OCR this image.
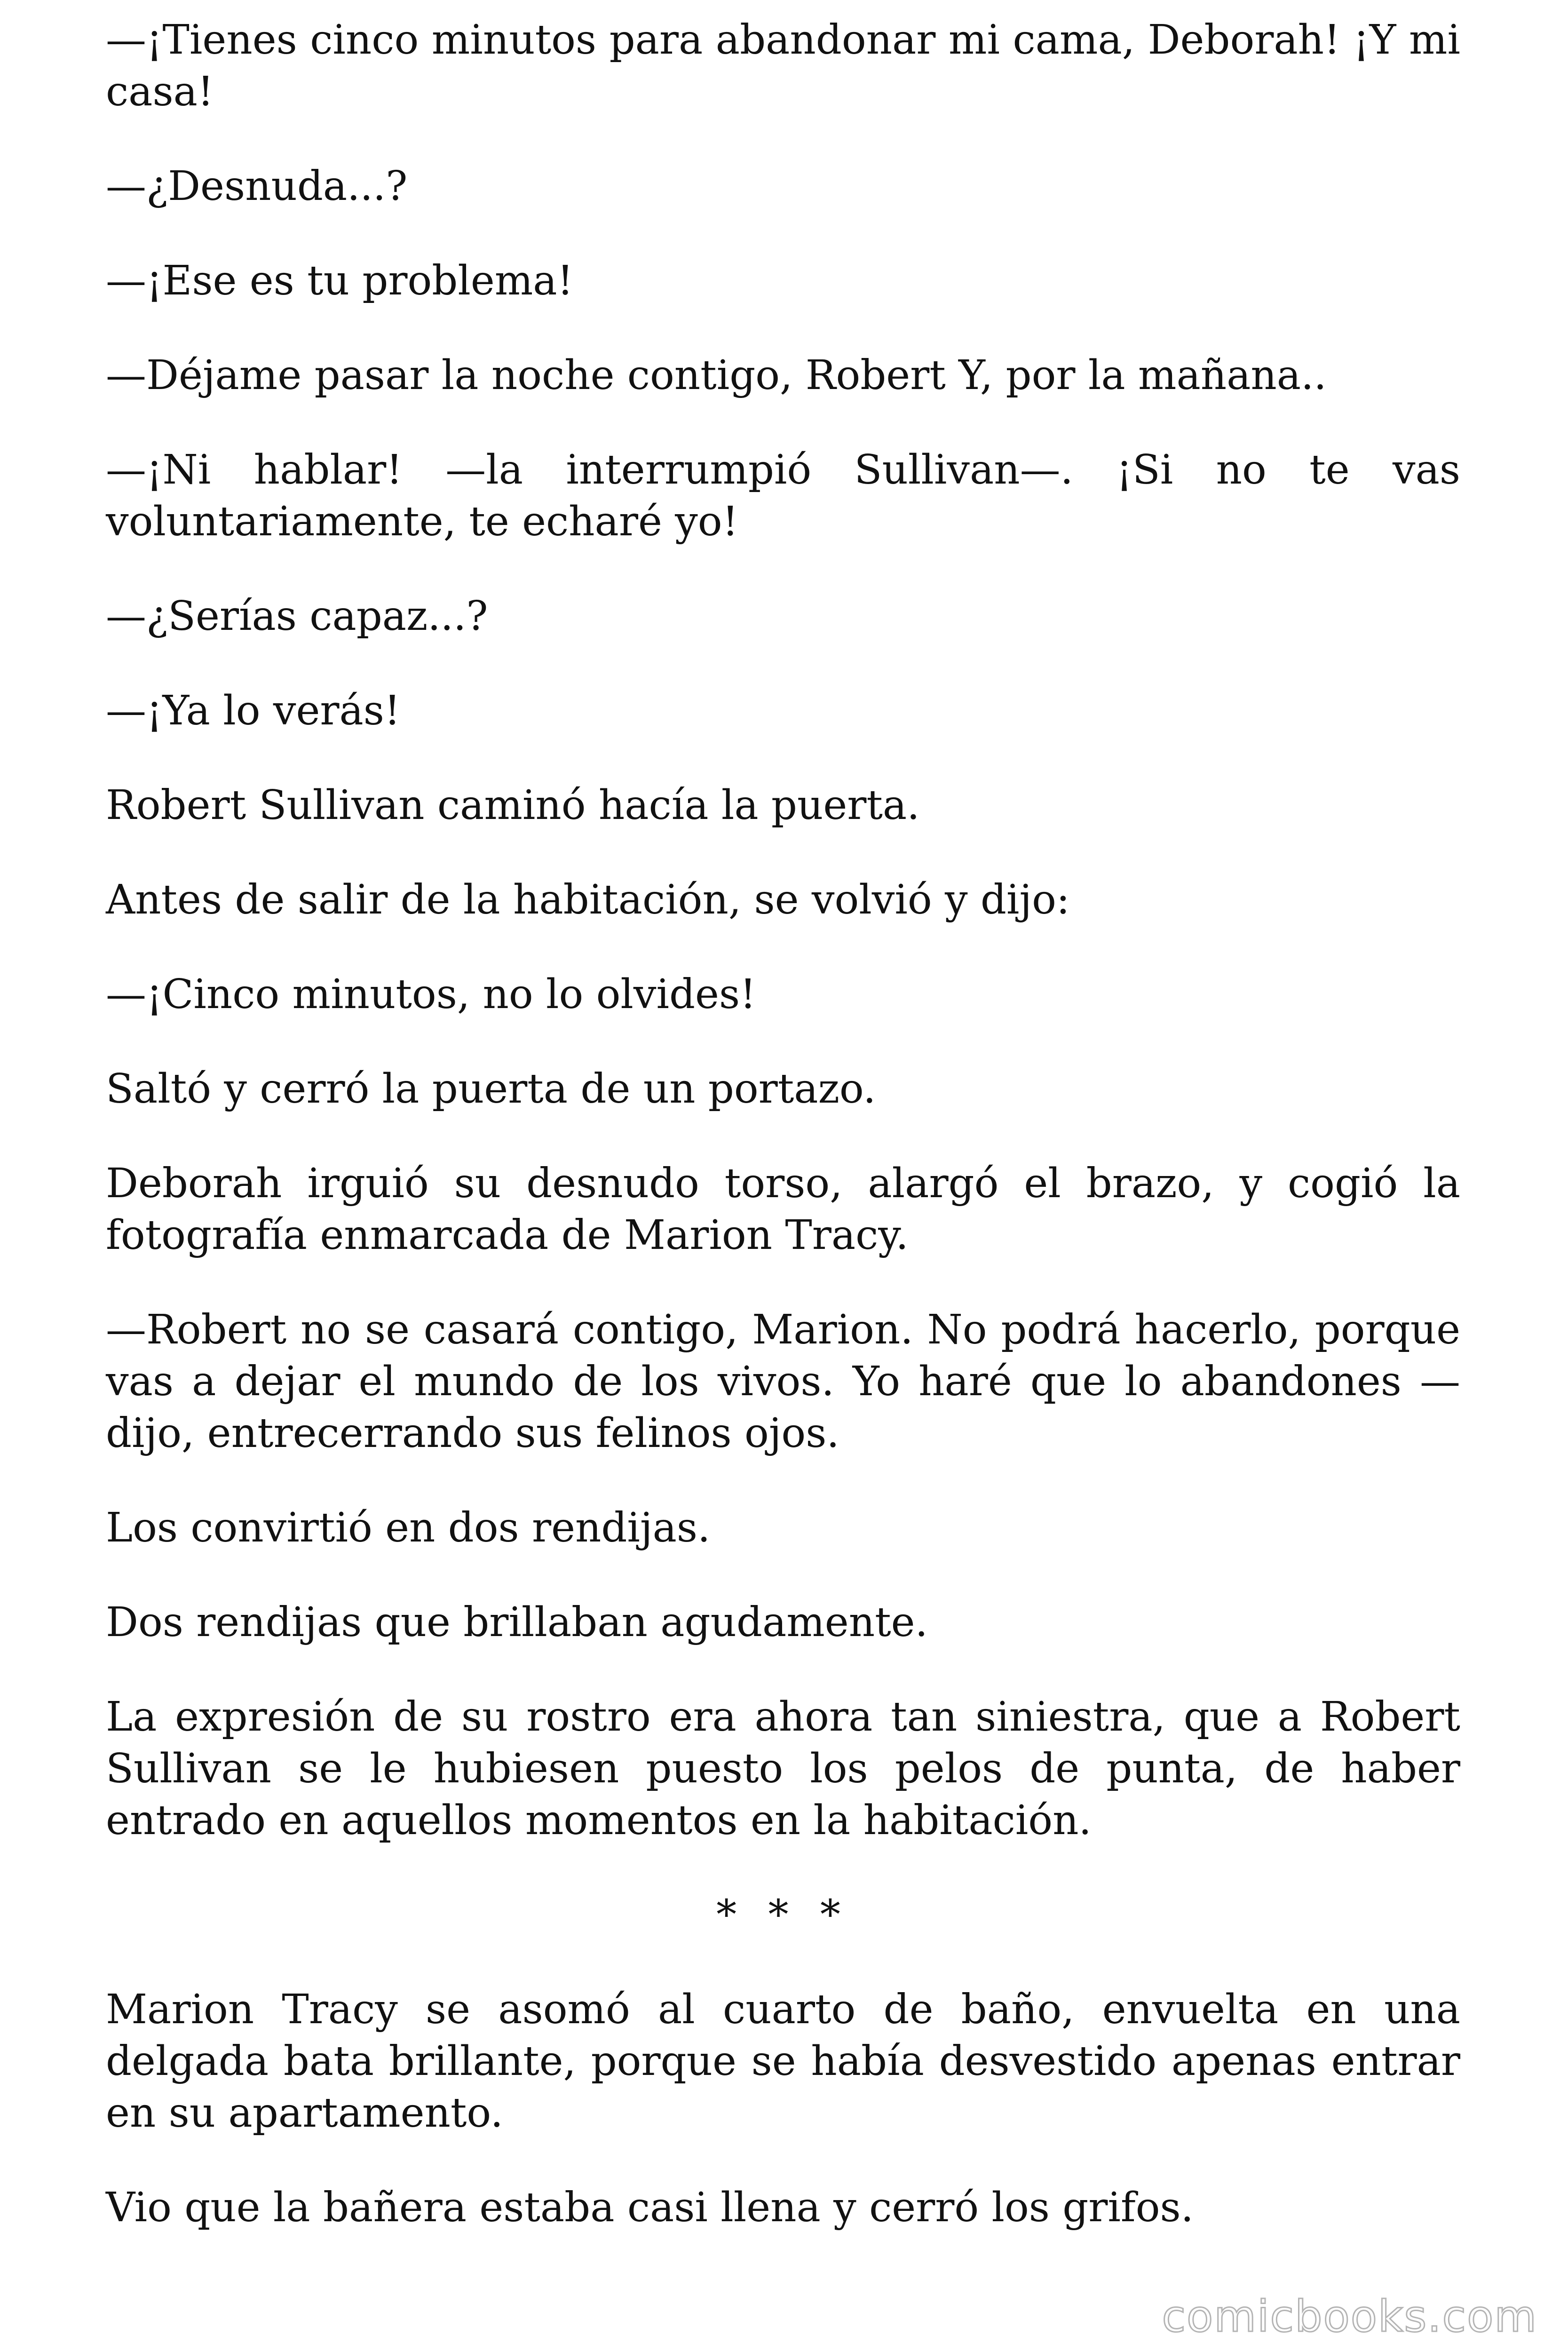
—¡Tienes cinco minutos para abandonar mi cama, Deborah! ¡Y mi casa!

—¿Desnuda...?

—¡Ese es tu problema!

—Déjame pasar la noche contigo, Robert Y, por la mañana..

—¡Ni hablar! —la interrumpió Sullivan—. ¡Si no te vas voluntariamente, te echaré yo!

—¿Serías capaz...?

—¡Ya lo verás!

Robert Sullivan caminó hacía la puerta.

Antes de salir de la habitación, se volvió y dijo:

—¡Cinco minutos, no lo olvides!

Saltó y cerró la puerta de un portazo.

Deborah irguió su desnudo torso, alargó el brazo, y cogió la fotografía enmarcada de Marion Tracy.

—Robert no se casará contigo, Marion. No podrá hacerlo, porque vas a dejar el mundo de los vivos. Yo haré que lo abandones —dijo, entrecerrando sus felinos ojos.

Los convirtió en dos rendijas.

Dos rendijas que brillaban agudamente.

La expresión de su rostro era ahora tan siniestra, que a Robert Sullivan se le hubiesen puesto los pelos de punta, de haber entrado en aquellos momentos en la habitación.

* * *

Marion Tracy se asomó al cuarto de baño, envuelta en una delgada bata brillante, porque se había desvestido apenas entrar en su apartamento.

Vio que la bañera estaba casi llena y cerró los grifos.

comicbooks.com
